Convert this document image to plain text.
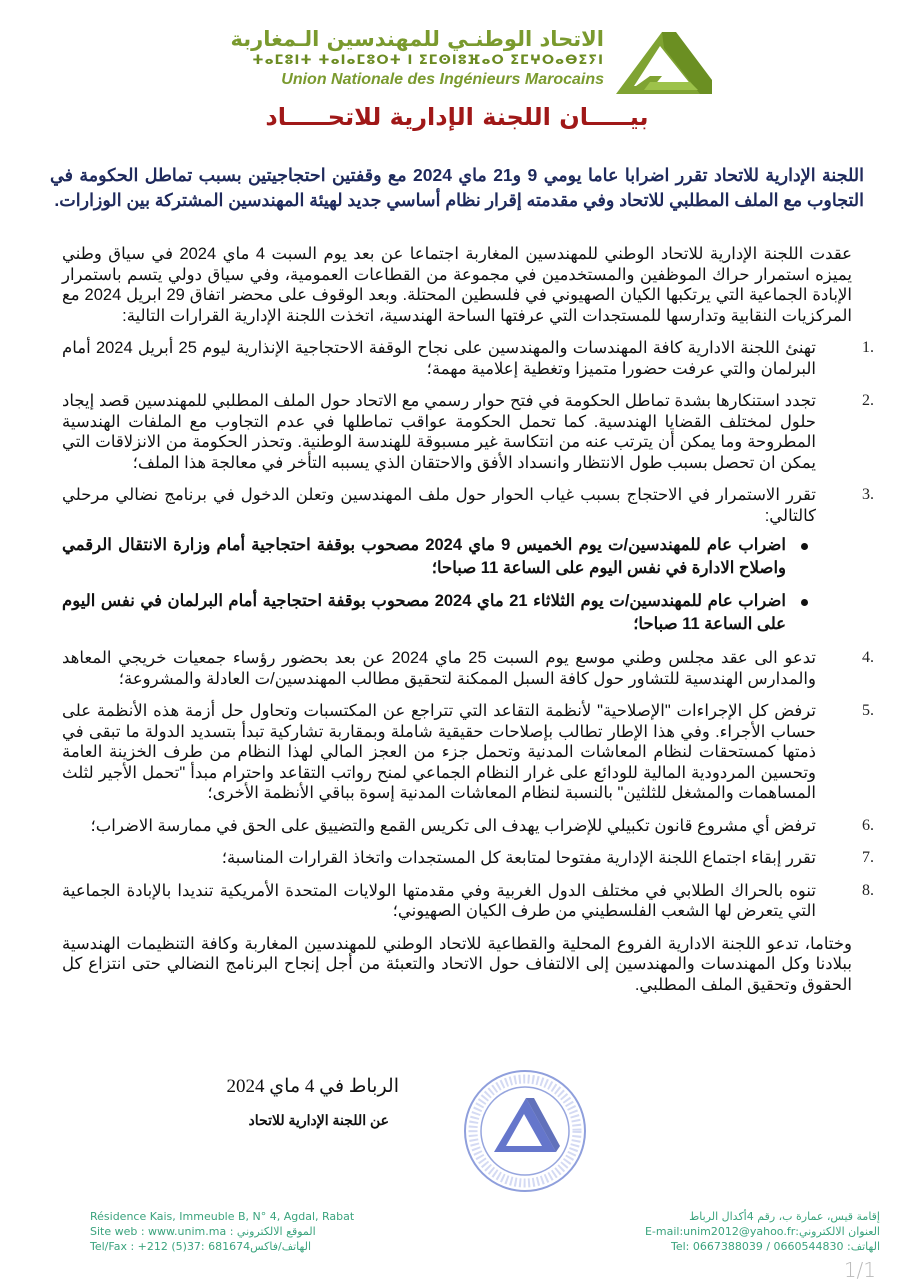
الاتحاد الوطنـي للمهندسين الـمغاربة
ⵜⴰⵎⵓⵏⵜ ⵜⴰⵏⴰⵎⵓⵔⵜ ⵏ ⵉⵎⵙⵏⵓⴼⴰⵔ ⵉⵎⵖⵔⴰⴱⵉⵢⵏ
Union Nationale des Ingénieurs Marocains
بيـــــان اللجنة الإدارية للاتحـــــاد
اللجنة الإدارية للاتحاد تقرر اضرابا عاما يومي 9 و21 ماي 2024 مع وقفتين احتجاجيتين بسبب تماطل الحكومة في التجاوب مع الملف المطلبي للاتحاد وفي مقدمته إقرار نظام أساسي جديد لهيئة المهندسين المشتركة بين الوزارات.

عقدت اللجنة الإدارية للاتحاد الوطني للمهندسين المغاربة اجتماعا عن بعد يوم السبت 4 ماي 2024 في سياق وطني يميزه استمرار حراك الموظفين والمستخدمين في مجموعة من القطاعات العمومية، وفي سياق دولي يتسم باستمرار الإبادة الجماعية التي يرتكبها الكيان الصهيوني في فلسطين المحتلة. وبعد الوقوف على محضر اتفاق 29 ابريل 2024 مع المركزيات النقابية وتدارسها للمستجدات التي عرفتها الساحة الهندسية، اتخذت اللجنة الإدارية القرارات التالية:

1.
تهنئ اللجنة الادارية كافة المهندسات والمهندسين على نجاح الوقفة الاحتجاجية الإنذارية ليوم 25 أبريل 2024 أمام البرلمان والتي عرفت حضورا متميزا وتغطية إعلامية مهمة؛
2.
تجدد استنكارها بشدة تماطل الحكومة في فتح حوار رسمي مع الاتحاد حول الملف المطلبي للمهندسين قصد إيجاد حلول لمختلف القضايا الهندسية. كما تحمل الحكومة عواقب تماطلها في عدم التجاوب مع الملفات الهندسية المطروحة وما يمكن أن يترتب عنه من انتكاسة غير مسبوقة للهندسة الوطنية. وتحذر الحكومة من الانزلاقات التي يمكن ان تحصل بسبب طول الانتظار وانسداد الأفق والاحتقان الذي يسببه التأخر في معالجة هذا الملف؛
3.
تقرر الاستمرار في الاحتجاج بسبب غياب الحوار حول ملف المهندسين وتعلن الدخول في برنامج نضالي مرحلي كالتالي:
اضراب عام للمهندسين/ت يوم الخميس 9 ماي 2024 مصحوب بوقفة احتجاجية أمام وزارة الانتقال الرقمي واصلاح الادارة في نفس اليوم على الساعة 11 صباحا؛
اضراب عام للمهندسين/ت يوم الثلاثاء 21 ماي 2024 مصحوب بوقفة احتجاجية أمام البرلمان في نفس اليوم على الساعة 11 صباحا؛
4.
تدعو الى عقد مجلس وطني موسع يوم السبت 25 ماي 2024 عن بعد بحضور رؤساء جمعيات خريجي المعاهد والمدارس الهندسية للتشاور حول كافة السبل الممكنة لتحقيق مطالب المهندسين/ت العادلة والمشروعة؛
5.
ترفض كل الإجراءات "الإصلاحية" لأنظمة التقاعد التي تتراجع عن المكتسبات وتحاول حل أزمة هذه الأنظمة على حساب الأجراء. وفي هذا الإطار تطالب بإصلاحات حقيقية شاملة وبمقاربة تشاركية تبدأ بتسديد الدولة ما تبقى في ذمتها كمستحقات لنظام المعاشات المدنية وتحمل جزء من العجز المالي لهذا النظام من طرف الخزينة العامة وتحسين المردودية المالية للودائع على غرار النظام الجماعي لمنح رواتب التقاعد واحترام مبدأ "تحمل الأجير لثلث المساهمات والمشغل للثلثين" بالنسبة لنظام المعاشات المدنية إسوة بباقي الأنظمة الأخرى؛
6.
ترفض أي مشروع قانون تكبيلي للإضراب يهدف الى تكريس القمع والتضييق على الحق في ممارسة الاضراب؛
7.
تقرر إبقاء اجتماع اللجنة الإدارية مفتوحا لمتابعة كل المستجدات واتخاذ القرارات المناسبة؛
8.
تنوه بالحراك الطلابي في مختلف الدول الغربية وفي مقدمتها الولايات المتحدة الأمريكية تنديدا بالإبادة الجماعية التي يتعرض لها الشعب الفلسطيني من طرف الكيان الصهيوني؛

وختاما، تدعو اللجنة الادارية الفروع المحلية والقطاعية للاتحاد الوطني للمهندسين المغاربة وكافة التنظيمات الهندسية ببلادنا وكل المهندسات والمهندسين إلى الالتفاف حول الاتحاد والتعبئة من أجل إنجاح البرنامج النضالي حتى انتزاع كل الحقوق وتحقيق الملف المطلبي.

الرباط في 4 ماي 2024
عن اللجنة الإدارية للاتحاد
Résidence Kais, Immeuble B, N° 4, Agdal, Rabat
Site web : www.unim.ma : الموقع الالكتروني
Tel/Fax : +212 (5)37: الهاتف/فاكس681674
إقامة قيس، عمارة ب، رقم 4أكدال الرباط
العنوان الالكتروني:E-mail:unim2012@yahoo.fr
الهاتف: Tel: 0667388039 / 0660544830
1/1
